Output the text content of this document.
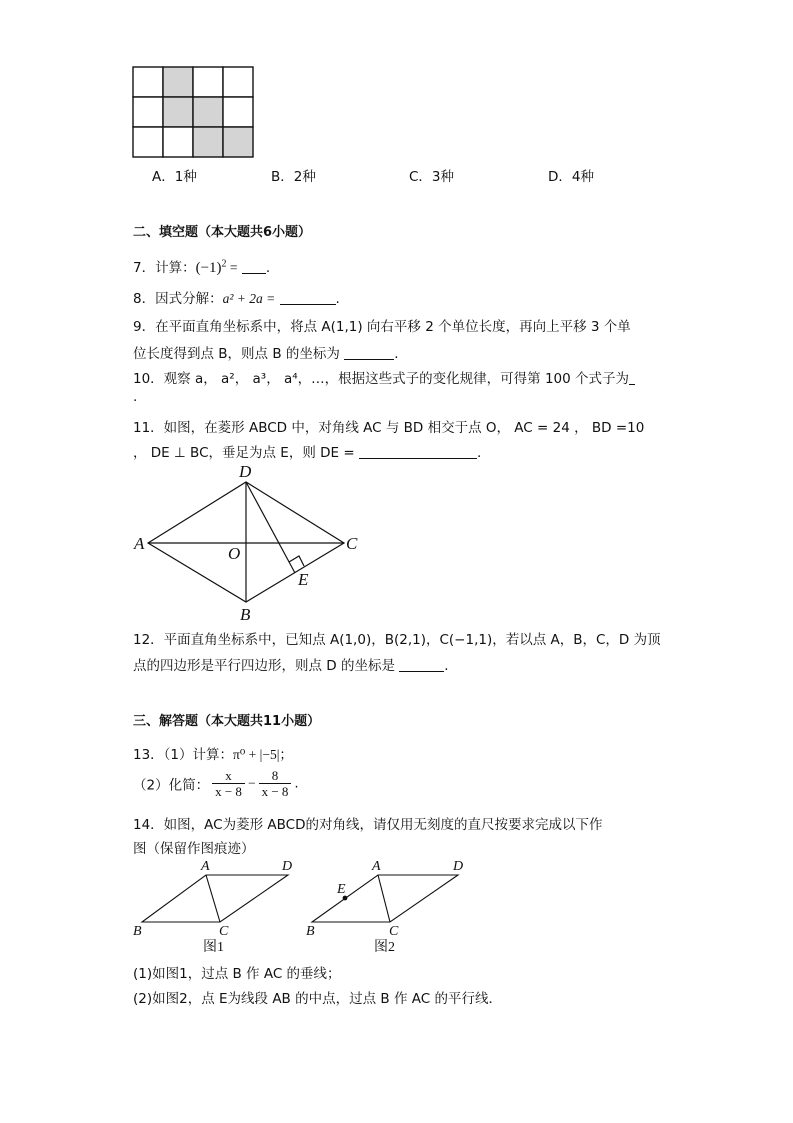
A．1种	B．2种	C．3种	D．4种
二、填空题（本大题共6小题）
7．计算：$(-1)^2$ = .
8．因式分解：a² + 2a =	.
9．在平面直角坐标系中，将点 A(1,1) 向右平移 2 个单位长度，再向上平移 3 个单
位长度得到点 B，则点 B 的坐标为	.
10．观察 a， a²， a³， a⁴，…，根据这些式子的变化规律，可得第 100 个式子为
.
11．如图，在菱形 ABCD 中，对角线 AC 与 BD 相交于点 O， AC = 24 ， BD =10
， DE ⊥ BC，垂足为点 E，则 DE =	.
A
D
C
B
O
E
12．平面直角坐标系中，已知点 A(1,0)，B(2,1)，C(−1,1)，若以点 A，B，C，D 为顶
点的四边形是平行四边形，则点 D 的坐标是	.
三、解答题（本大题共11小题）
13．（1）计算：π⁰ + |−5|；
（2）化简： $\frac{x}{x - 8} - \frac{8}{x - 8}$ .
14．如图，AC为菱形 ABCD的对角线，请仅用无刻度的直尺按要求完成以下作
图（保留作图痕迹）
A	D
B	C
A	D
B	C
E
图1	图2
(1)如图1，过点 B 作 AC 的垂线；
(2)如图2，点 E为线段 AB 的中点，过点 B 作 AC 的平行线．
